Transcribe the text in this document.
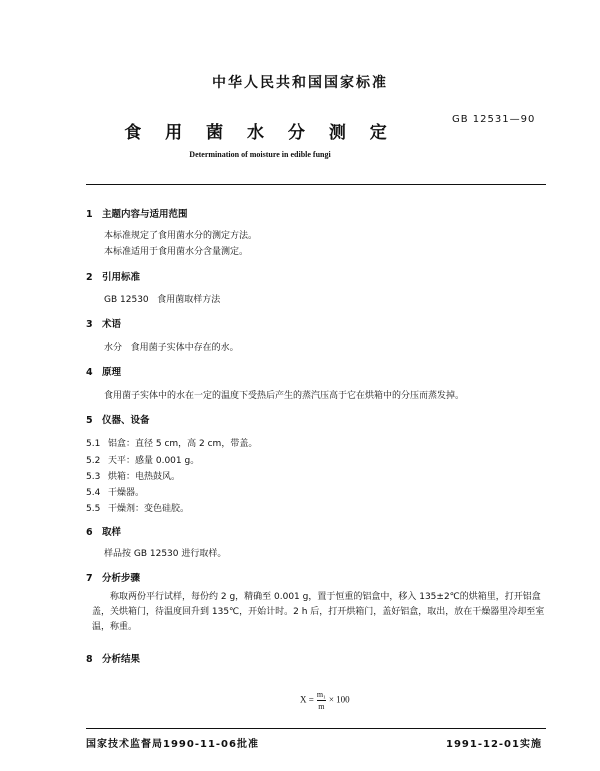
中华人民共和国国家标准
GB 12531—90
食 用 菌 水 分 测 定
Determination of moisture in edible fungi
1 主题内容与适用范围
本标准规定了食用菌水分的测定方法。
本标准适用于食用菌水分含量测定。
2 引用标准
GB 12530 食用菌取样方法
3 术语
水分 食用菌子实体中存在的水。
4 原理
食用菌子实体中的水在一定的温度下受热后产生的蒸汽压高于它在烘箱中的分压而蒸发掉。
5 仪器、设备
5.1 铝盒：直径 5 cm，高 2 cm，带盖。
5.2 天平：感量 0.001 g。
5.3 烘箱：电热鼓风。
5.4 干燥器。
5.5 干燥剂：变色硅胶。
6 取样
样品按 GB 12530 进行取样。
7 分析步骤
称取两份平行试样，每份约 2 g，精确至 0.001 g，置于恒重的铝盒中，移入 135±2℃的烘箱里，打开铝盒盖，关烘箱门，待温度回升到 135℃，开始计时。2 h 后，打开烘箱门，盖好铝盒，取出，放在干燥器里冷却至室温，称重。
8 分析结果
$X = \frac{\text{m₁}}{m} \times 100$
国家技术监督局1990-11-06批准	1991-12-01实施
